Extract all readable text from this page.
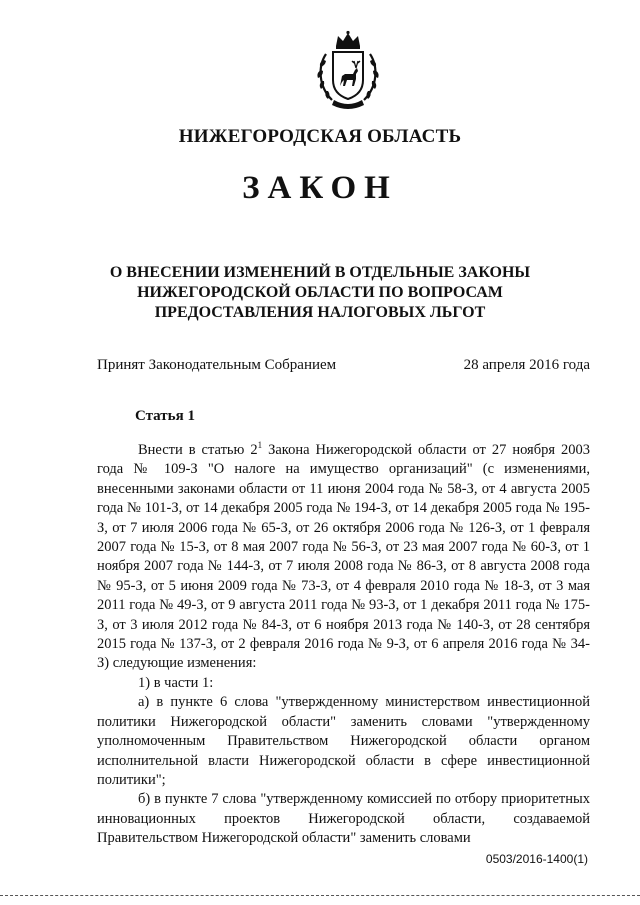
НИЖЕГОРОДСКАЯ ОБЛАСТЬ
ЗАКОН
О ВНЕСЕНИИ ИЗМЕНЕНИЙ В ОТДЕЛЬНЫЕ ЗАКОНЫ
НИЖЕГОРОДСКОЙ ОБЛАСТИ ПО ВОПРОСАМ
ПРЕДОСТАВЛЕНИЯ НАЛОГОВЫХ ЛЬГОТ
Принят Законодательным Собранием	28 апреля 2016 года
Статья 1

Внести в статью $2^1$ Закона Нижегородской области от 27 ноября 2003 года № 109-З "О налоге на имущество организаций" (с изменениями, внесенными законами области от 11 июня 2004 года № 58-З, от 4 августа 2005 года № 101-З, от 14 декабря 2005 года № 194-З, от 14 декабря 2005 года № 195-З, от 7 июля 2006 года № 65-З, от 26 октября 2006 года № 126-З, от 1 февраля 2007 года № 15-З, от 8 мая 2007 года № 56-З, от 23 мая 2007 года № 60-З, от 1 ноября 2007 года № 144-З, от 7 июля 2008 года № 86-З, от 8 августа 2008 года № 95-З, от 5 июня 2009 года № 73-З, от 4 февраля 2010 года № 18-З, от 3 мая 2011 года № 49-З, от 9 августа 2011 года № 93-З, от 1 декабря 2011 года № 175-З, от 3 июля 2012 года № 84-З, от 6 ноября 2013 года № 140-З, от 28 сентября 2015 года № 137-З, от 2 февраля 2016 года № 9-З, от 6 апреля 2016 года № 34-З) следующие изменения:

1) в части 1:

а) в пункте 6 слова "утвержденному министерством инвестиционной политики Нижегородской области" заменить словами "утвержденному уполномоченным Правительством Нижегородской области органом исполнительной власти Нижегородской области в сфере инвестиционной политики";

б) в пункте 7 слова "утвержденному комиссией по отбору приоритетных инновационных проектов Нижегородской области, создаваемой Правительством Нижегородской области" заменить словами

0503/2016-1400(1)
